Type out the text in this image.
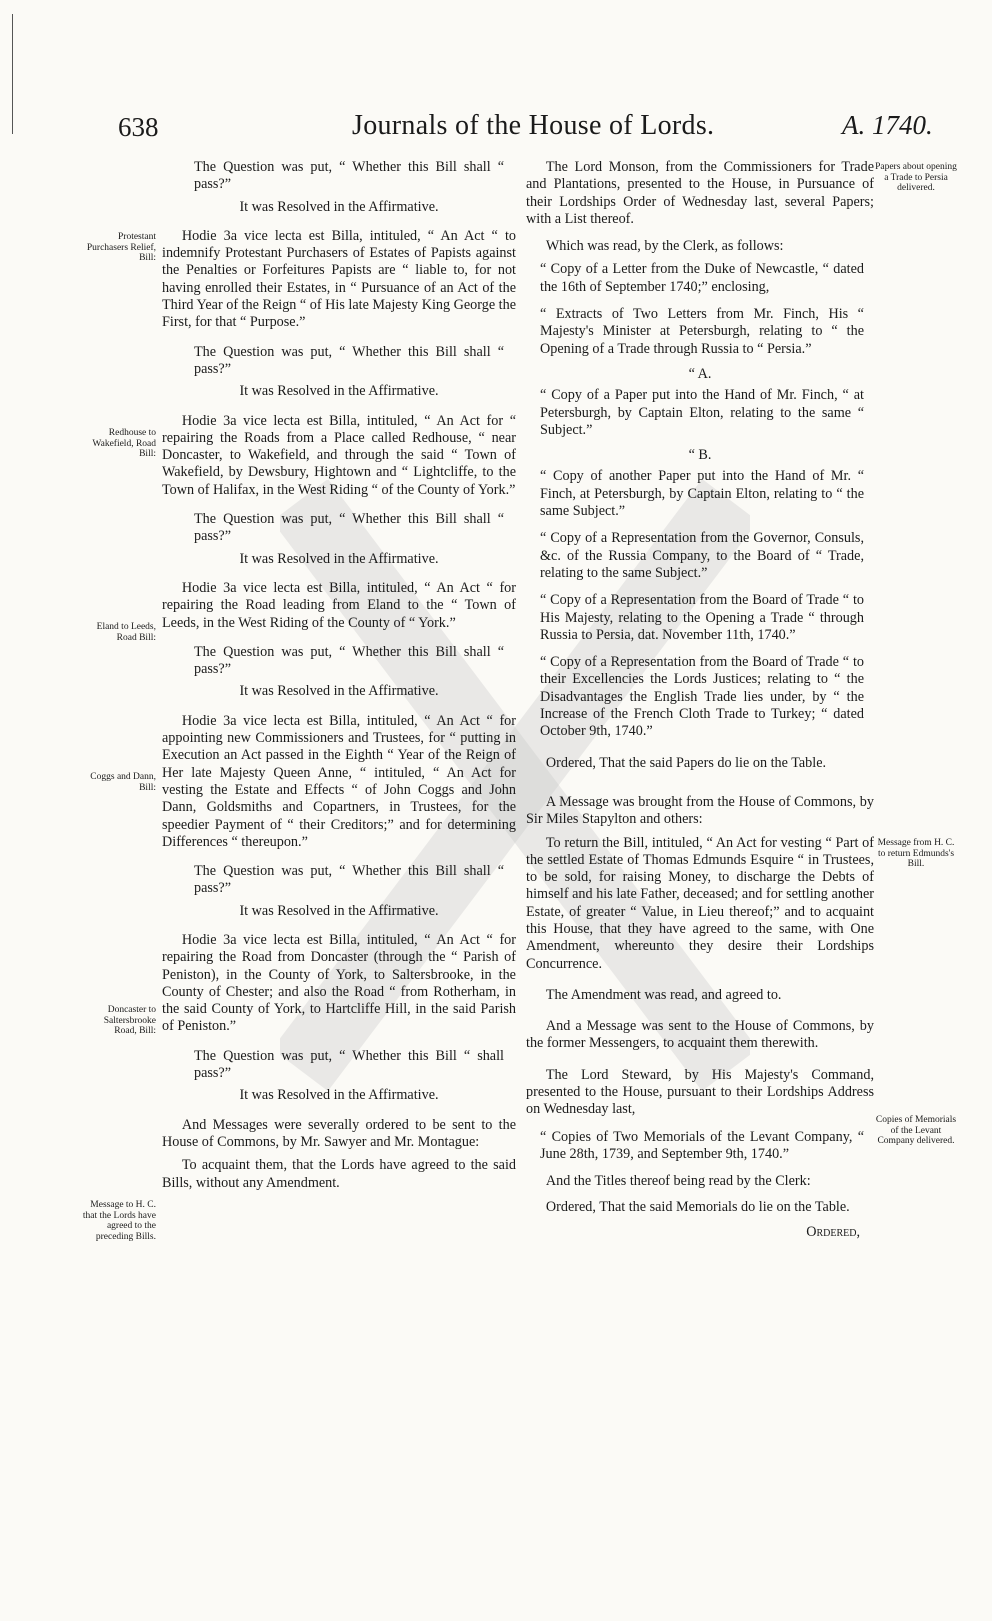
638	Journals of the House of Lords.	A. 1740.
Protestant Purchasers Relief, Bill:
Redhouse to Wakefield, Road Bill:
Eland to Leeds, Road Bill:
Coggs and Dann, Bill:
Doncaster to Saltersbrooke Road, Bill:
Message to H. C. that the Lords have agreed to the preceding Bills.
Papers about opening a Trade to Persia delivered.
Message from H. C. to return Edmunds's Bill.
Copies of Memorials of the Levant Company delivered.

The Question was put, “ Whether this Bill shall “ pass?”

It was Resolved in the Affirmative.

Hodie 3a vice lecta est Billa, intituled, “ An Act “ to indemnify Protestant Purchasers of Estates of Papists against the Penalties or Forfeitures Papists are “ liable to, for not having enrolled their Estates, in “ Pursuance of an Act of the Third Year of the Reign “ of His late Majesty King George the First, for that “ Purpose.”

The Question was put, “ Whether this Bill shall “ pass?”

It was Resolved in the Affirmative.

Hodie 3a vice lecta est Billa, intituled, “ An Act for “ repairing the Roads from a Place called Redhouse, “ near Doncaster, to Wakefield, and through the said “ Town of Wakefield, by Dewsbury, Hightown and “ Lightcliffe, to the Town of Halifax, in the West Riding “ of the County of York.”

The Question was put, “ Whether this Bill shall “ pass?”

It was Resolved in the Affirmative.

Hodie 3a vice lecta est Billa, intituled, “ An Act “ for repairing the Road leading from Eland to the “ Town of Leeds, in the West Riding of the County of “ York.”

The Question was put, “ Whether this Bill shall “ pass?”

It was Resolved in the Affirmative.

Hodie 3a vice lecta est Billa, intituled, “ An Act “ for appointing new Commissioners and Trustees, for “ putting in Execution an Act passed in the Eighth “ Year of the Reign of Her late Majesty Queen Anne, “ intituled, “ An Act for vesting the Estate and Effects “ of John Coggs and John Dann, Goldsmiths and Copartners, in Trustees, for the speedier Payment of “ their Creditors;” and for determining Differences “ thereupon.”

The Question was put, “ Whether this Bill shall “ pass?”

It was Resolved in the Affirmative.

Hodie 3a vice lecta est Billa, intituled, “ An Act “ for repairing the Road from Doncaster (through the “ Parish of Peniston), in the County of York, to Saltersbrooke, in the County of Chester; and also the Road “ from Rotherham, in the said County of York, to Hartcliffe Hill, in the said Parish of Peniston.”

The Question was put, “ Whether this Bill “ shall pass?”

It was Resolved in the Affirmative.

And Messages were severally ordered to be sent to the House of Commons, by Mr. Sawyer and Mr. Montague:

To acquaint them, that the Lords have agreed to the said Bills, without any Amendment.

The Lord Monson, from the Commissioners for Trade and Plantations, presented to the House, in Pursuance of their Lordships Order of Wednesday last, several Papers; with a List thereof.

Which was read, by the Clerk, as follows:

“ Copy of a Letter from the Duke of Newcastle, “ dated the 16th of September 1740;” enclosing,

“ Extracts of Two Letters from Mr. Finch, His “ Majesty's Minister at Petersburgh, relating to “ the Opening of a Trade through Russia to “ Persia.”

“ A.

“ Copy of a Paper put into the Hand of Mr. Finch, “ at Petersburgh, by Captain Elton, relating to the same “ Subject.”

“ B.

“ Copy of another Paper put into the Hand of Mr. “ Finch, at Petersburgh, by Captain Elton, relating to “ the same Subject.”

“ Copy of a Representation from the Governor, Consuls, &c. of the Russia Company, to the Board of “ Trade, relating to the same Subject.”

“ Copy of a Representation from the Board of Trade “ to His Majesty, relating to the Opening a Trade “ through Russia to Persia, dat. November 11th, 1740.”

“ Copy of a Representation from the Board of Trade “ to their Excellencies the Lords Justices; relating to “ the Disadvantages the English Trade lies under, by “ the Increase of the French Cloth Trade to Turkey; “ dated October 9th, 1740.”

Ordered, That the said Papers do lie on the Table.

A Message was brought from the House of Commons, by Sir Miles Stapylton and others:

To return the Bill, intituled, “ An Act for vesting “ Part of the settled Estate of Thomas Edmunds Esquire “ in Trustees, to be sold, for raising Money, to discharge the Debts of himself and his late Father, deceased; and for settling another Estate, of greater “ Value, in Lieu thereof;” and to acquaint this House, that they have agreed to the same, with One Amendment, whereunto they desire their Lordships Concurrence.

The Amendment was read, and agreed to.

And a Message was sent to the House of Commons, by the former Messengers, to acquaint them therewith.

The Lord Steward, by His Majesty's Command, presented to the House, pursuant to their Lordships Address on Wednesday last,

“ Copies of Two Memorials of the Levant Company, “ June 28th, 1739, and September 9th, 1740.”

And the Titles thereof being read by the Clerk:

Ordered, That the said Memorials do lie on the Table.

Ordered,
